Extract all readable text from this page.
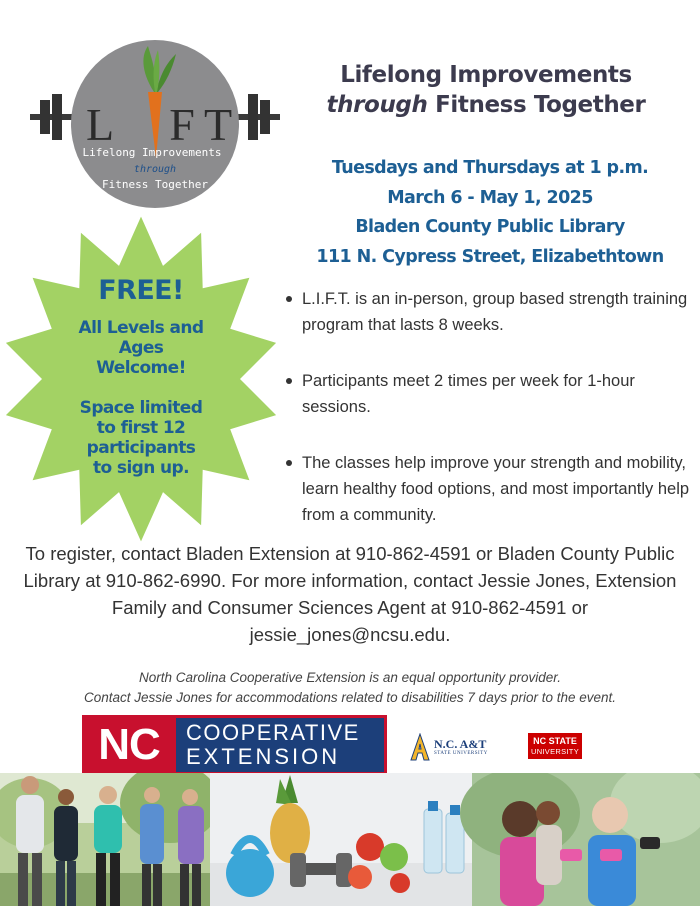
L F T
Lifelong Improvements
through
Fitness Together
Lifelong Improvements
through Fitness Together
Tuesdays and Thursdays at 1 p.m.
March 6 - May 1, 2025
Bladen County Public Library
111 N. Cypress Street, Elizabethtown
FREE!
All Levels and
Ages
Welcome!
Space limited
to first 12
participants
to sign up.
L.I.F.T. is an in-person, group based strength training program that lasts 8 weeks.
Participants meet 2 times per week for 1-hour sessions.
The classes help improve your strength and mobility, learn healthy food options, and most importantly help from a community.

To register, contact Bladen Extension at 910-862-4591 or Bladen County Public Library at 910-862-6990. For more information, contact Jessie Jones, Extension Family and Consumer Sciences Agent at 910-862-4591 or jessie_jones@ncsu.edu.

North Carolina Cooperative Extension is an equal opportunity provider.
Contact Jessie Jones for accommodations related to disabilities 7 days prior to the event.
NC	COOPERATIVE
EXTENSION
N.C. A&T
STATE UNIVERSITY
NC STATE
UNIVERSITY
